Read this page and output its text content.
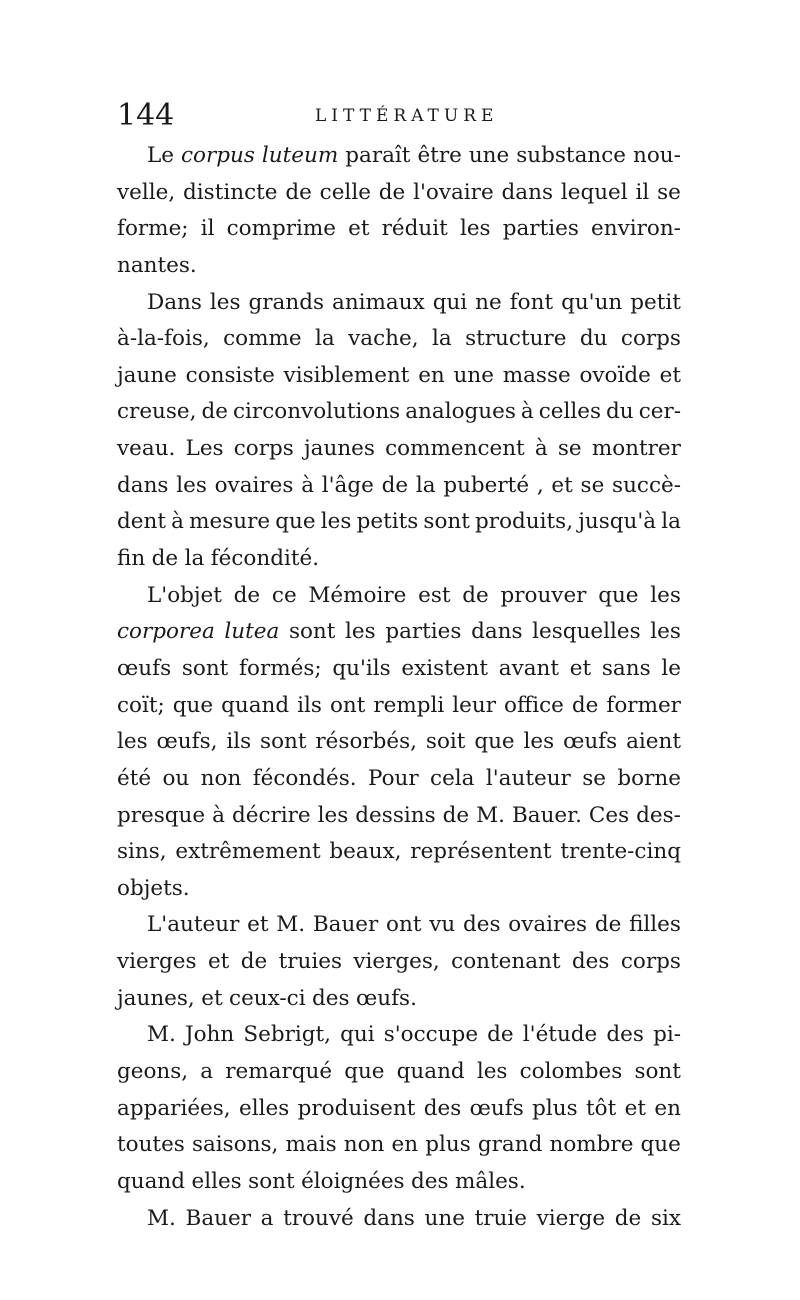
144	LITTÉRATURE
Le corpus luteum paraît être une substance nou-
velle, distincte de celle de l'ovaire dans lequel il se
forme; il comprime et réduit les parties environ-
nantes.
Dans les grands animaux qui ne font qu'un petit
à-la-fois, comme la vache, la structure du corps
jaune consiste visiblement en une masse ovoïde et
creuse, de circonvolutions analogues à celles du cer-
veau. Les corps jaunes commencent à se montrer
dans les ovaires à l'âge de la puberté , et se succè-
dent à mesure que les petits sont produits, jusqu'à la
fin de la fécondité.
L'objet de ce Mémoire est de prouver que les
corporea lutea sont les parties dans lesquelles les
œufs sont formés; qu'ils existent avant et sans le
coït; que quand ils ont rempli leur office de former
les œufs, ils sont résorbés, soit que les œufs aient
été ou non fécondés. Pour cela l'auteur se borne
presque à décrire les dessins de M. Bauer. Ces des-
sins, extrêmement beaux, représentent trente-cinq
objets.
L'auteur et M. Bauer ont vu des ovaires de filles
vierges et de truies vierges, contenant des corps
jaunes, et ceux-ci des œufs.
M. John Sebrigt, qui s'occupe de l'étude des pi-
geons, a remarqué que quand les colombes sont
appariées, elles produisent des œufs plus tôt et en
toutes saisons, mais non en plus grand nombre que
quand elles sont éloignées des mâles.
M. Bauer a trouvé dans une truie vierge de six
